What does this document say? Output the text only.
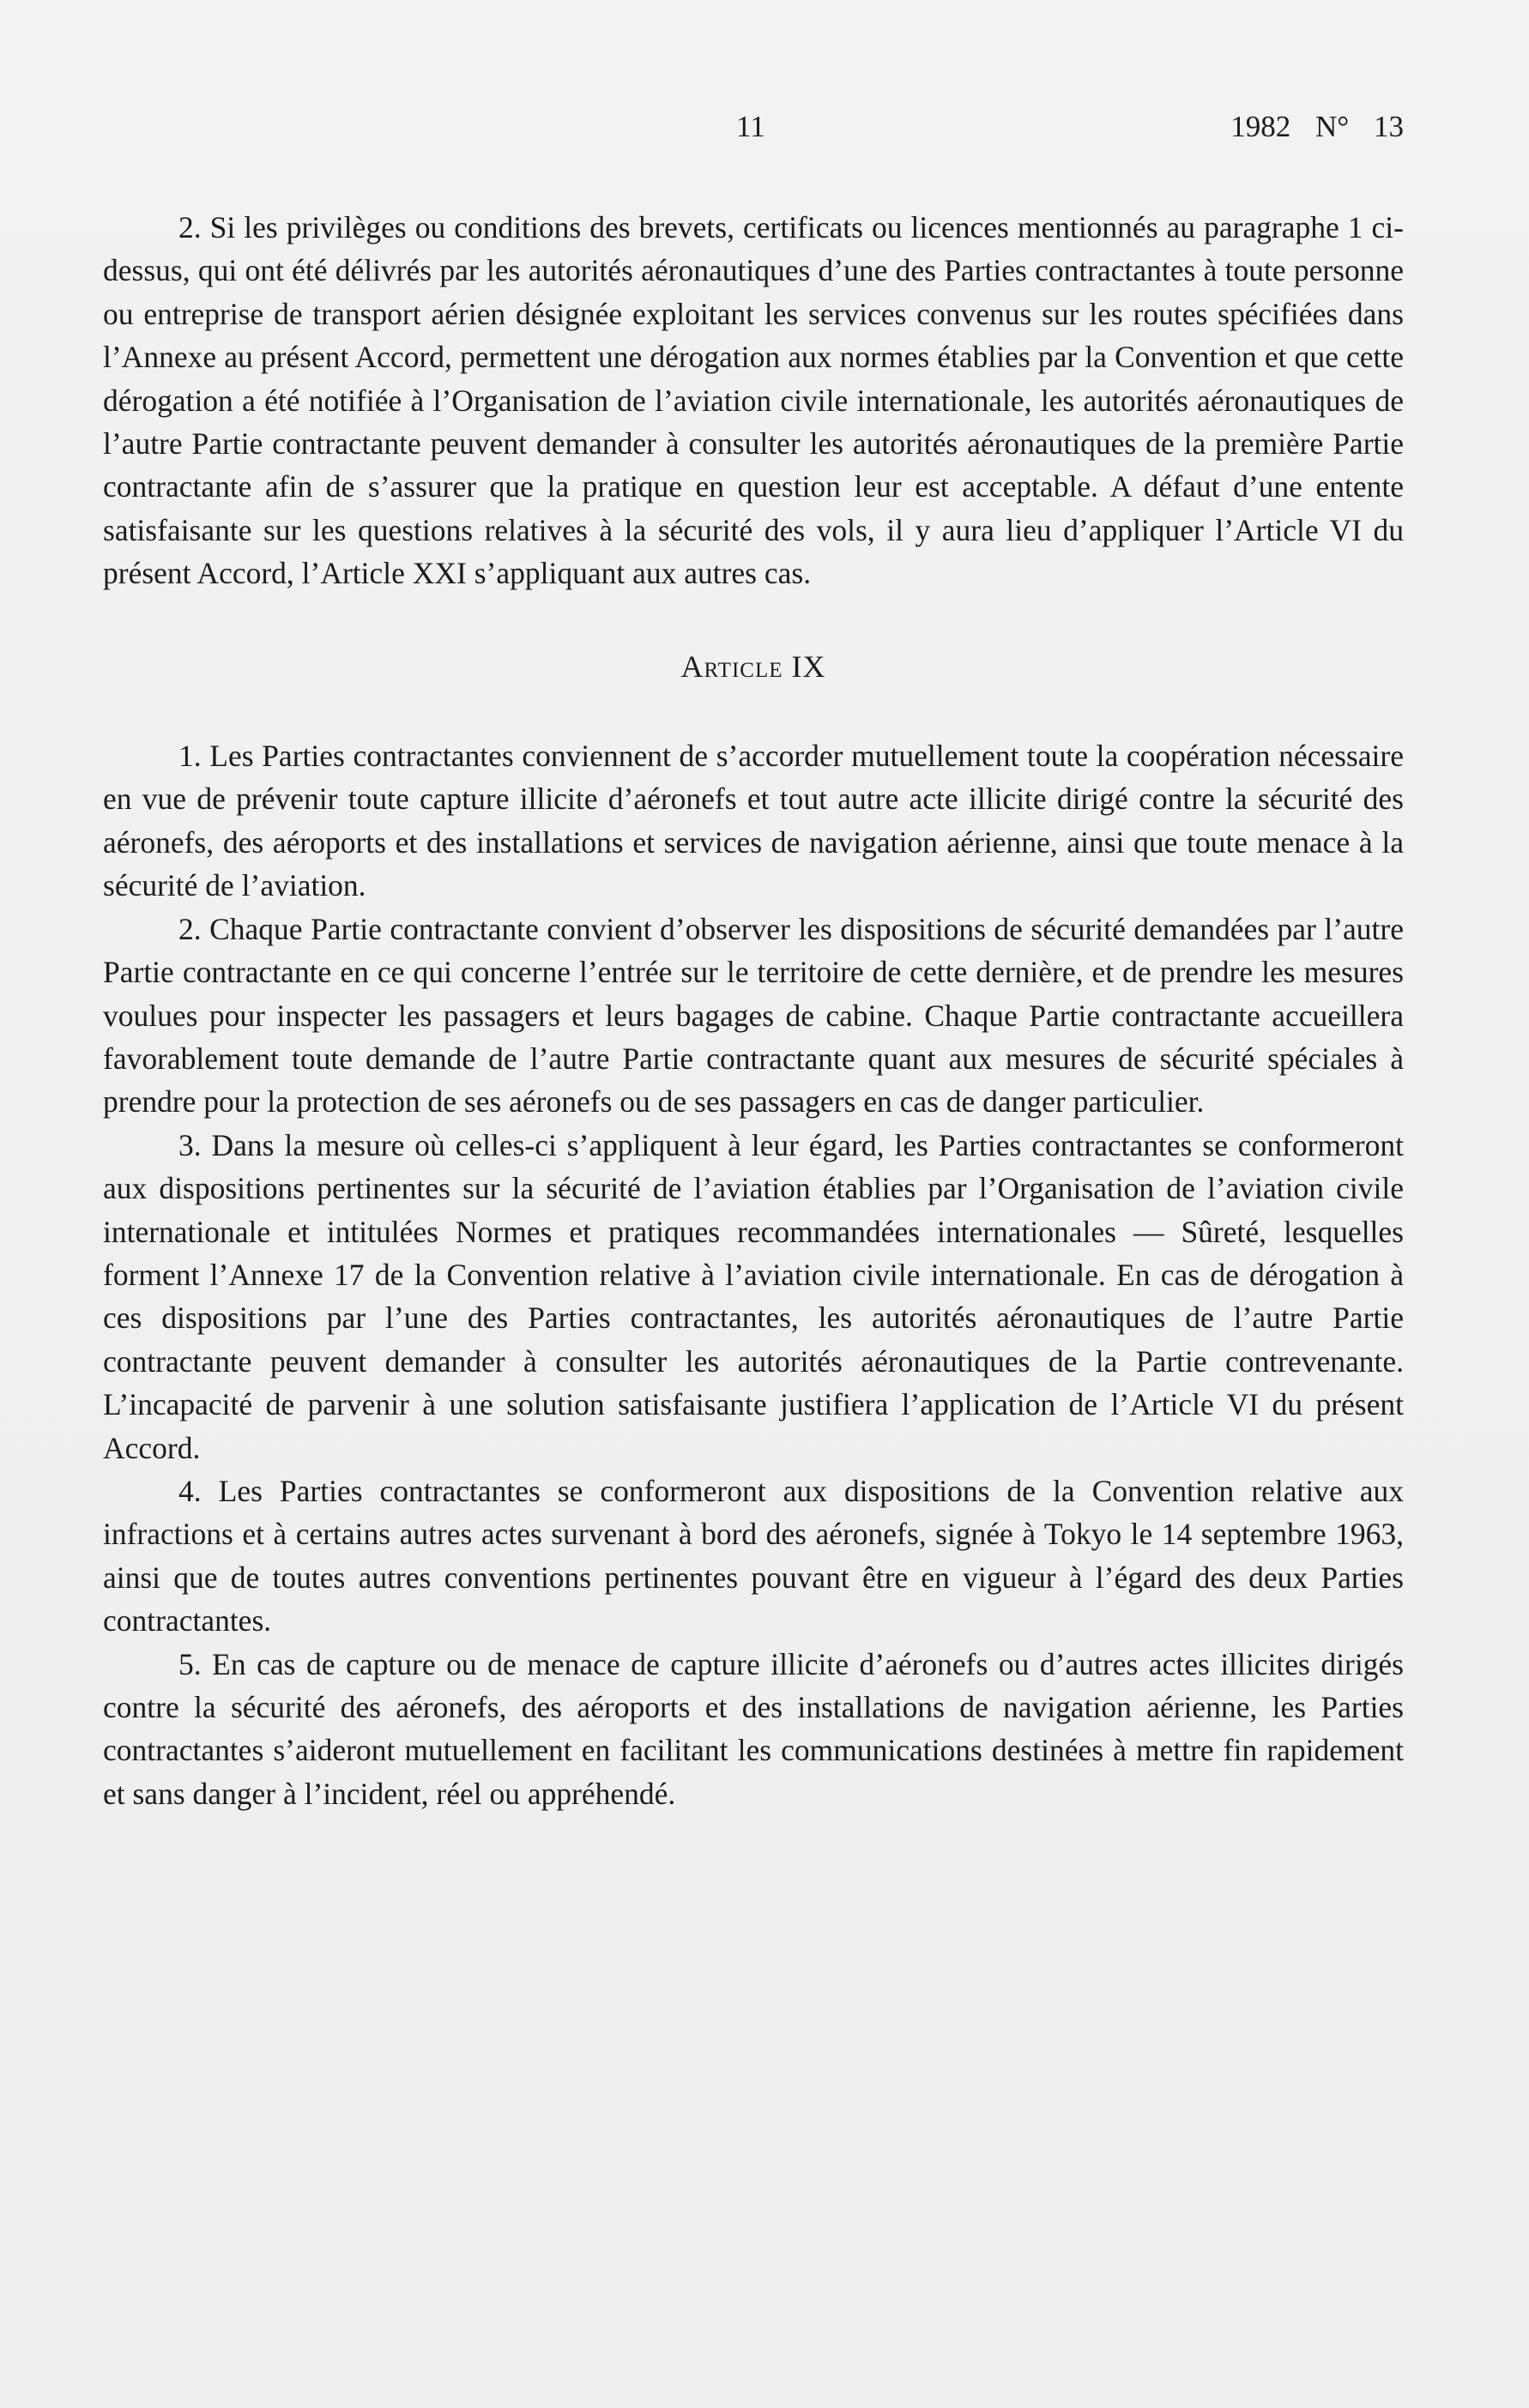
11	1982 N° 13

2. Si les privilèges ou conditions des brevets, certificats ou licences mentionnés au paragraphe 1 ci-dessus, qui ont été délivrés par les autorités aéronautiques d’une des Parties contractantes à toute personne ou entreprise de transport aérien désignée exploitant les services convenus sur les routes spécifiées dans l’Annexe au présent Accord, permettent une dérogation aux normes établies par la Convention et que cette dérogation a été notifiée à l’Organisation de l’aviation civile internationale, les autorités aéronautiques de l’autre Partie contractante peuvent demander à consulter les autorités aéronautiques de la première Partie contractante afin de s’assurer que la pratique en question leur est acceptable. A défaut d’une entente satisfaisante sur les questions relatives à la sécurité des vols, il y aura lieu d’appliquer l’Article VI du présent Accord, l’Article XXI s’appliquant aux autres cas.

Article IX

1. Les Parties contractantes conviennent de s’accorder mutuellement toute la coopération nécessaire en vue de prévenir toute capture illicite d’aéronefs et tout autre acte illicite dirigé contre la sécurité des aéronefs, des aéroports et des installations et services de navigation aérienne, ainsi que toute menace à la sécurité de l’aviation.

2. Chaque Partie contractante convient d’observer les dispositions de sécurité demandées par l’autre Partie contractante en ce qui concerne l’entrée sur le territoire de cette dernière, et de prendre les mesures voulues pour inspecter les passagers et leurs bagages de cabine. Chaque Partie contractante accueillera favorablement toute demande de l’autre Partie contractante quant aux mesures de sécurité spéciales à prendre pour la protection de ses aéronefs ou de ses passagers en cas de danger particulier.

3. Dans la mesure où celles-ci s’appliquent à leur égard, les Parties contractantes se conformeront aux dispositions pertinentes sur la sécurité de l’aviation établies par l’Organisation de l’aviation civile internationale et intitulées Normes et pratiques recommandées internationales — Sûreté, lesquelles forment l’Annexe 17 de la Convention relative à l’aviation civile internationale. En cas de dérogation à ces dispositions par l’une des Parties contractantes, les autorités aéronautiques de l’autre Partie contractante peuvent demander à consulter les autorités aéronautiques de la Partie contrevenante. L’incapacité de parvenir à une solution satisfaisante justifiera l’application de l’Article VI du présent Accord.

4. Les Parties contractantes se conformeront aux dispositions de la Convention relative aux infractions et à certains autres actes survenant à bord des aéronefs, signée à Tokyo le 14 septembre 1963, ainsi que de toutes autres conventions pertinentes pouvant être en vigueur à l’égard des deux Parties contractantes.

5. En cas de capture ou de menace de capture illicite d’aéronefs ou d’autres actes illicites dirigés contre la sécurité des aéronefs, des aéroports et des installations de navigation aérienne, les Parties contractantes s’aideront mutuellement en facilitant les communications destinées à mettre fin rapidement et sans danger à l’incident, réel ou appréhendé.
